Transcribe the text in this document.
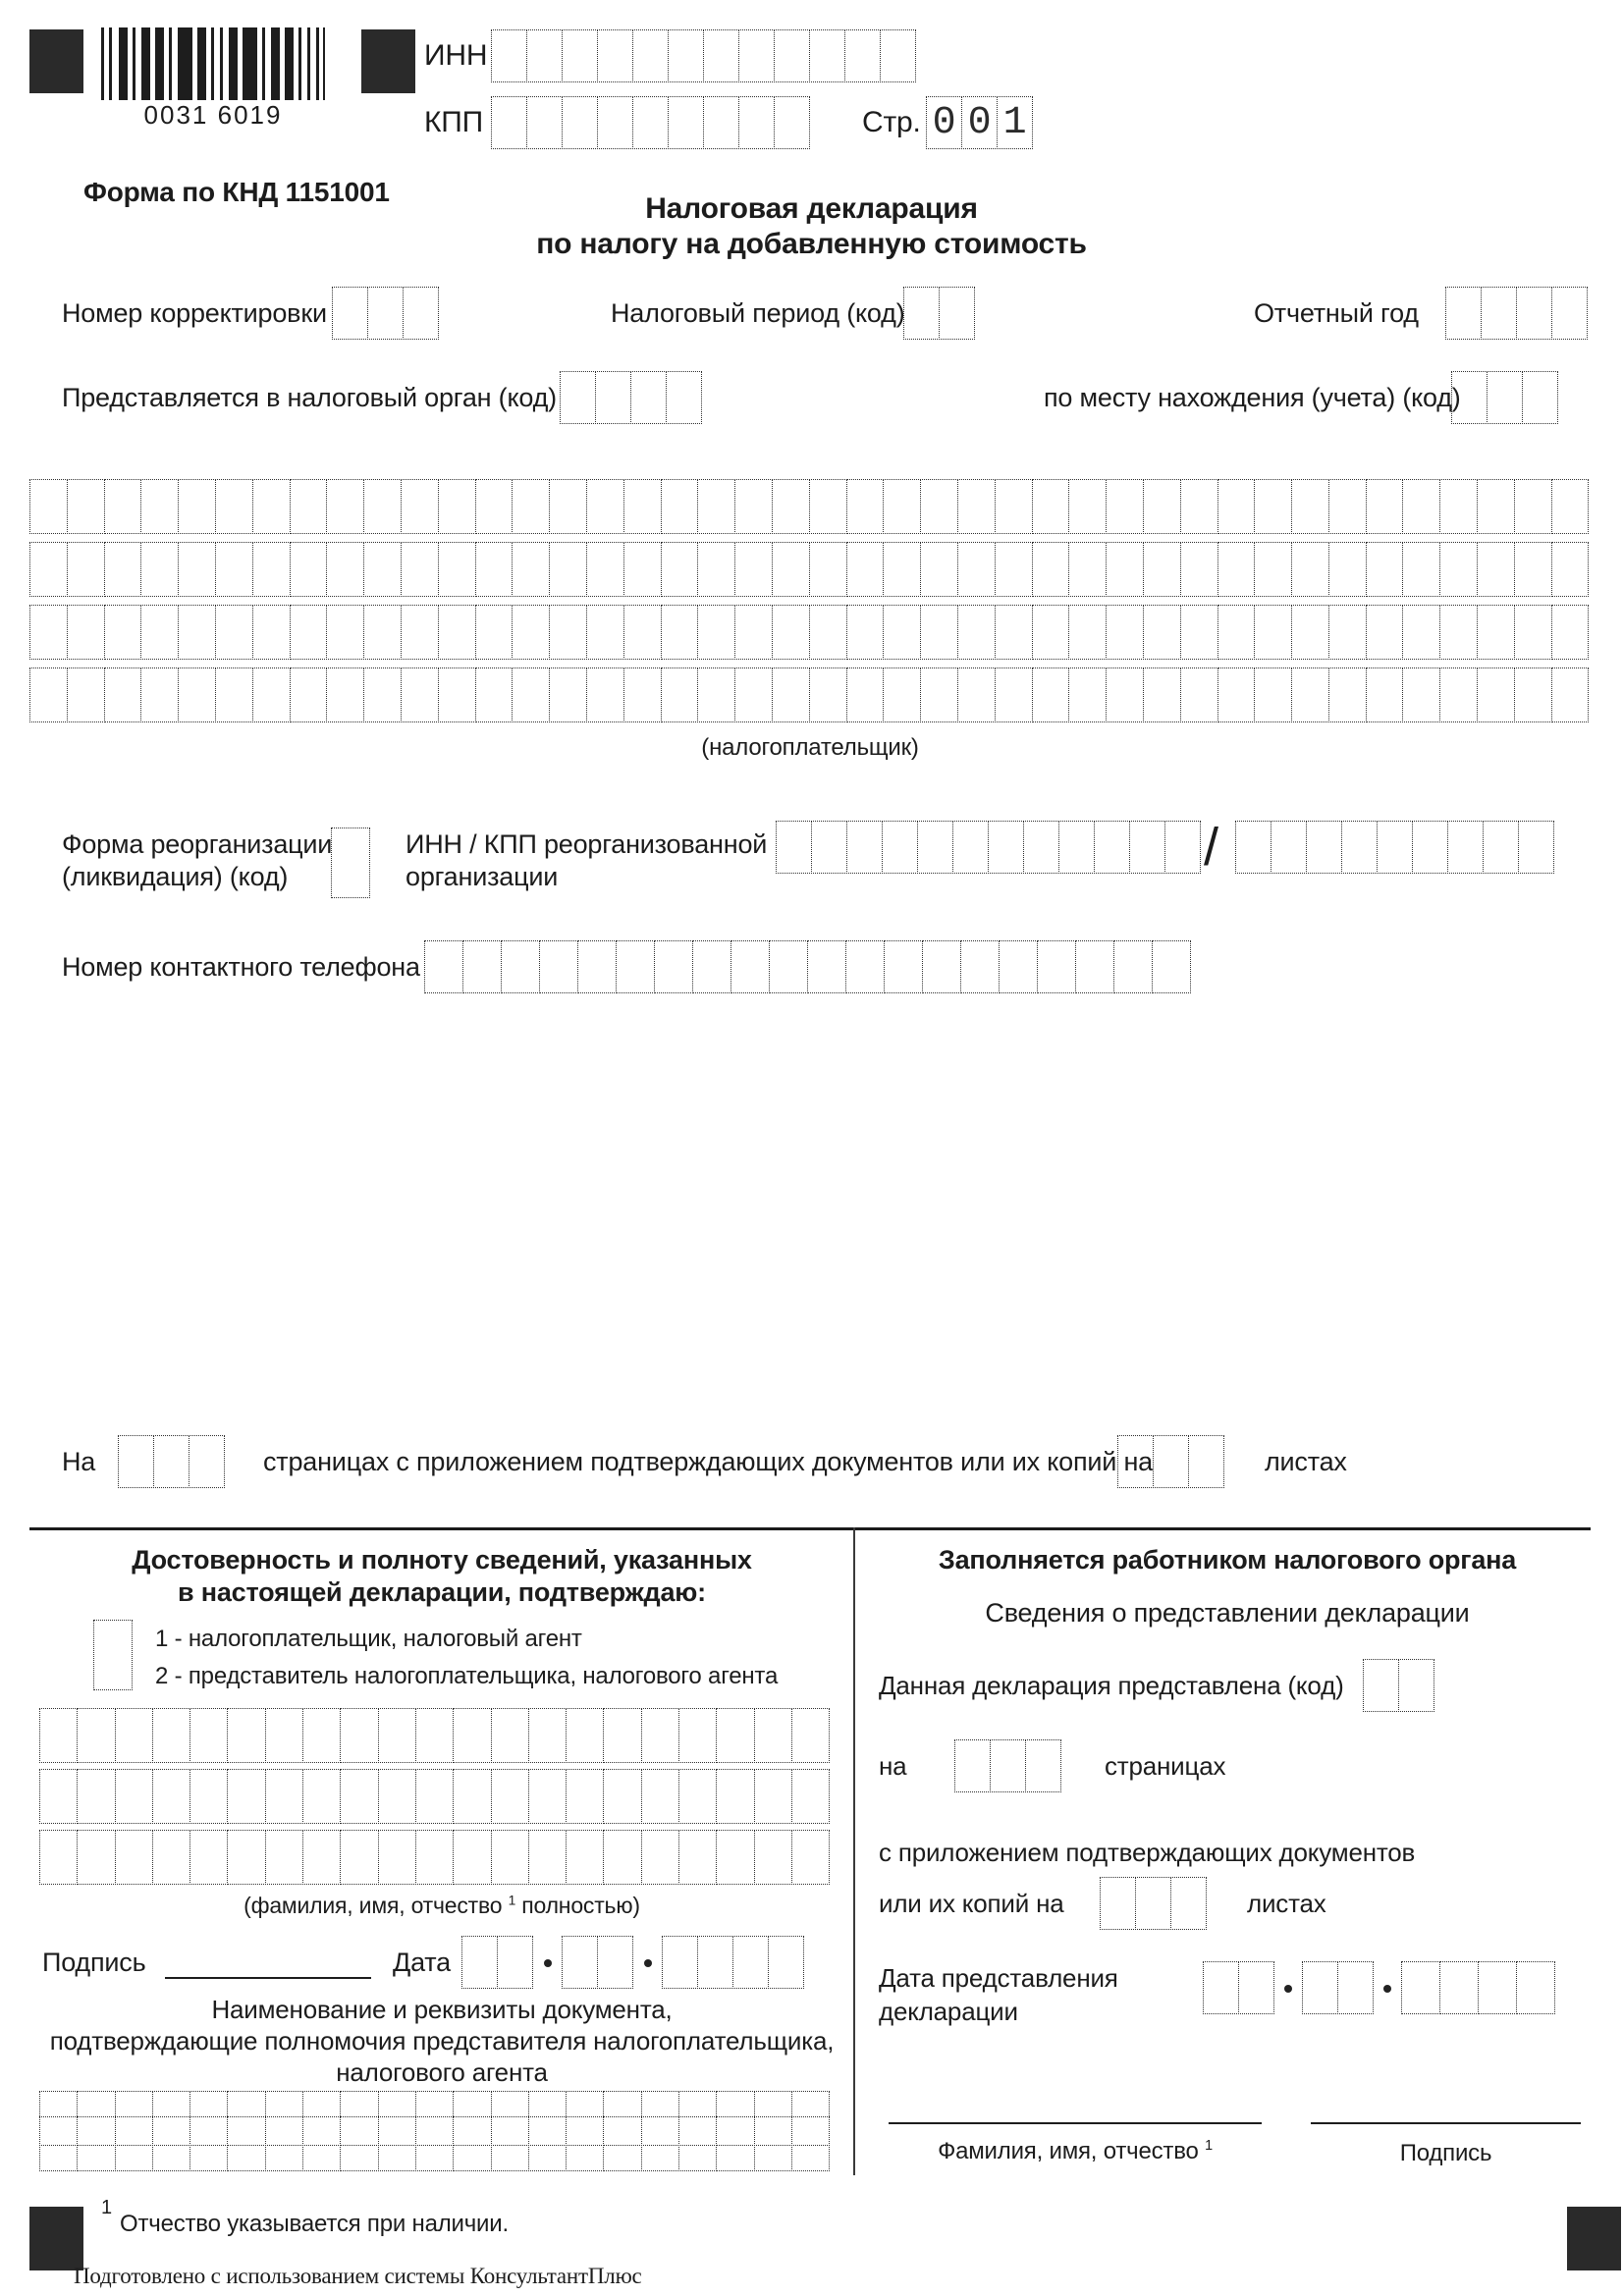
0031 6019
ИНН
КПП	Стр. 0 0 1
Форма по КНД 1151001
Налоговая декларация
по налогу на добавленную стоимость
Номер корректировки	Налоговый период (код)	Отчетный год
Представляется в налоговый орган (код)	по месту нахождения (учета) (код)
(налогоплательщик)
Форма реорганизации
(ликвидация) (код)
ИНН / КПП реорганизованной
организации	/
Номер контактного телефона
На	страницах с приложением подтверждающих документов или их копий на	листах
Достоверность и полноту сведений, указанных
в настоящей декларации, подтверждаю:
1 - налогоплательщик, налоговый агент
2 - представитель налогоплательщика, налогового агента
(фамилия, имя, отчество $^1$ полностью)
Подпись	Дата
Наименование и реквизиты документа,
подтверждающие полномочия представителя налогоплательщика,
налогового агента
Заполняется работником налогового органа
Сведения о представлении декларации
Данная декларация представлена (код)
на	страницах
с приложением подтверждающих документов
или их копий на	листах
Дата представления
декларации
Фамилия, имя, отчество $^1$	Подпись
1
Отчество указывается при наличии.
Подготовлено с использованием системы КонсультантПлюс
